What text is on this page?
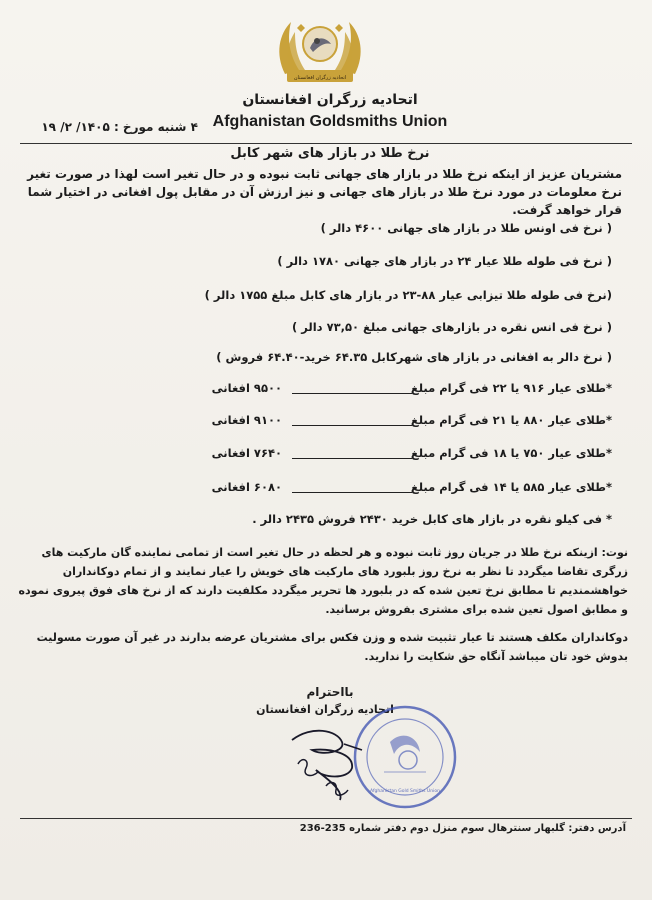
اتحادیه زرگران افغانستان
اتحادیه زرگران افغانستان
Afghanistan Goldsmiths Union
۴ شنبه مورخ : ۱۴۰۵/ ۲/ ۱۹
نرخ طلا در بازار های شهر کابل
مشتریان عزیز از اینکه نرخ طلا در بازار های جهانی ثابت نبوده و در حال تغیر است لهذا در صورت تغیر نرخ معلومات در مورد نرخ طلا در بازار های جهانی و نیز ارزش آن در مقابل پول افغانی در اختیار شما قرار خواهد گرفت.
( نرخ فی اونس طلا در بازار های جهانی ۴۶۰۰ دالر )
( نرخ فی طوله طلا عیار ۲۴ در بازار های جهانی ۱۷۸۰ دالر )
(نرخ فی طوله طلا تیزابی عیار ۸۸-۲۳ در بازار های کابل مبلغ ۱۷۵۵ دالر )
( نرخ فی انس نقره در بازارهای جهانی مبلغ ۷۳,۵۰ دالر )
( نرخ دالر به افغانی در بازار های شهرکابل ۶۴.۳۵ خرید-۶۴.۴۰ فروش )
*طلای عیار ۹۱۶ یا ۲۲ فی گرام مبلغ
۹۵۰۰ افغانی
*طلای عیار ۸۸۰ یا ۲۱ فی گرام مبلغ
۹۱۰۰ افغانی
*طلای عیار ۷۵۰ یا ۱۸ فی گرام مبلغ
۷۶۴۰ افغانی
*طلای عیار ۵۸۵ یا ۱۴ فی گرام مبلغ
۶۰۸۰ افغانی
* فی کیلو نقره در بازار های کابل خرید ۲۴۳۰ فروش ۲۴۳۵ دالر .
نوت: ازینکه نرخ طلا در جریان روز ثابت نبوده و هر لحظه در حال تغیر است از تمامی نماینده گان مارکیت های زرگری تقاضا میگردد تا نظر به نرخ روز بلبورد های مارکیت های خویش را عیار نمایند و از تمام دوکانداران خواهشمندیم تا مطابق نرخ تعین شده که در بلبورد ها تحریر میگردد مکلفیت دارند که از نرخ های فوق پیروی نموده و مطابق اصول تعین شده برای مشتری بفروش برسانید.
دوکانداران مکلف هستند تا عیار تثبیت شده و وزن فکس برای مشتریان عرضه بدارند در غیر آن صورت مسولیت بدوش خود تان میباشد آنگاه حق شکایت را ندارید.
بااحترام
اتحادیه زرگران افغانستان
Afghanistan Gold Smiths Union
آدرس دفتر: گلبهار سنترهال سوم منزل دوم دفتر شماره 235-236
